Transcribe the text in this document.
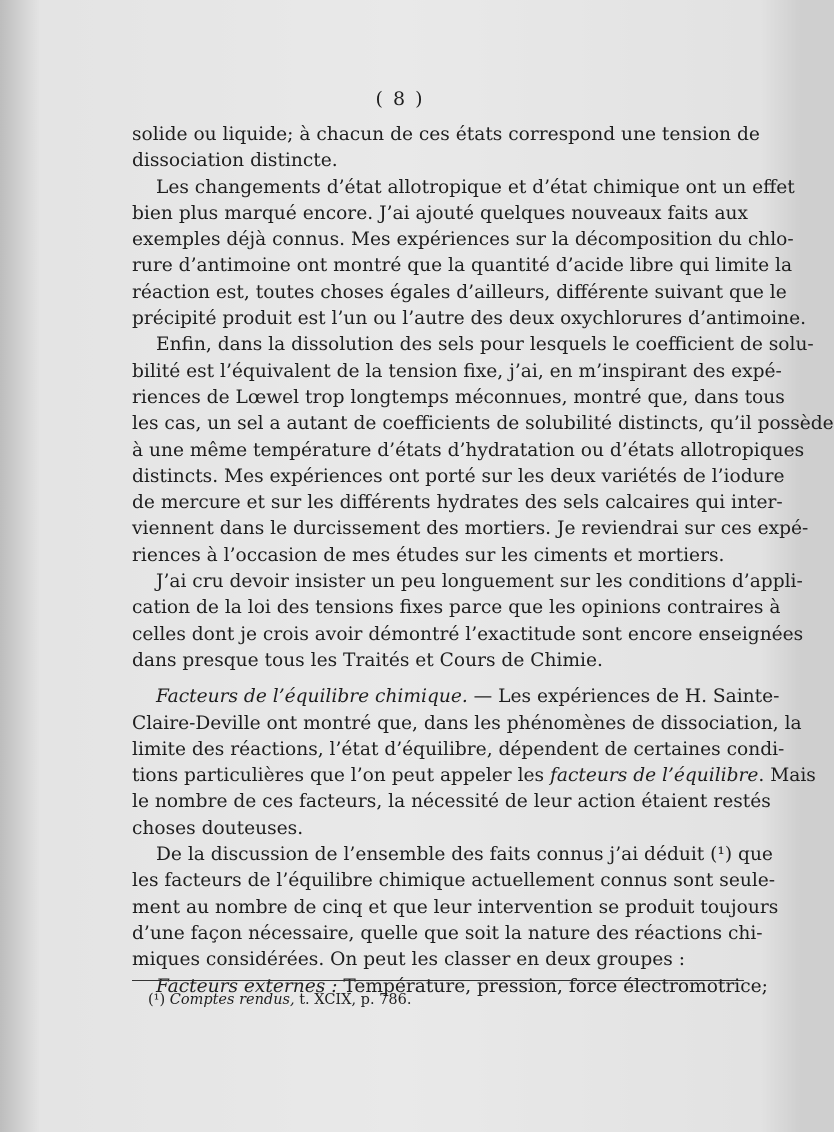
( 8 )
solide ou liquide; à chacun de ces états correspond une tension de
dissociation distincte.
Les changements d’état allotropique et d’état chimique ont un effet
bien plus marqué encore. J’ai ajouté quelques nouveaux faits aux
exemples déjà connus. Mes expériences sur la décomposition du chlo-
rure d’antimoine ont montré que la quantité d’acide libre qui limite la
réaction est, toutes choses égales d’ailleurs, différente suivant que le
précipité produit est l’un ou l’autre des deux oxychlorures d’antimoine.
Enfin, dans la dissolution des sels pour lesquels le coefficient de solu-
bilité est l’équivalent de la tension fixe, j’ai, en m’inspirant des expé-
riences de Lœwel trop longtemps méconnues, montré que, dans tous
les cas, un sel a autant de coefficients de solubilité distincts, qu’il possède
à une même température d’états d’hydratation ou d’états allotropiques
distincts. Mes expériences ont porté sur les deux variétés de l’iodure
de mercure et sur les différents hydrates des sels calcaires qui inter-
viennent dans le durcissement des mortiers. Je reviendrai sur ces expé-
riences à l’occasion de mes études sur les ciments et mortiers.
J’ai cru devoir insister un peu longuement sur les conditions d’appli-
cation de la loi des tensions fixes parce que les opinions contraires à
celles dont je crois avoir démontré l’exactitude sont encore enseignées
dans presque tous les Traités et Cours de Chimie.
Facteurs de l’équilibre chimique. — Les expériences de H. Sainte-
Claire-Deville ont montré que, dans les phénomènes de dissociation, la
limite des réactions, l’état d’équilibre, dépendent de certaines condi-
tions particulières que l’on peut appeler les facteurs de l’équilibre. Mais
le nombre de ces facteurs, la nécessité de leur action étaient restés
choses douteuses.
De la discussion de l’ensemble des faits connus j’ai déduit (¹) que
les facteurs de l’équilibre chimique actuellement connus sont seule-
ment au nombre de cinq et que leur intervention se produit toujours
d’une façon nécessaire, quelle que soit la nature des réactions chi-
miques considérées. On peut les classer en deux groupes :
Facteurs externes : Température, pression, force électromotrice;
(¹) Comptes rendus, t. XCIX, p. 786.
